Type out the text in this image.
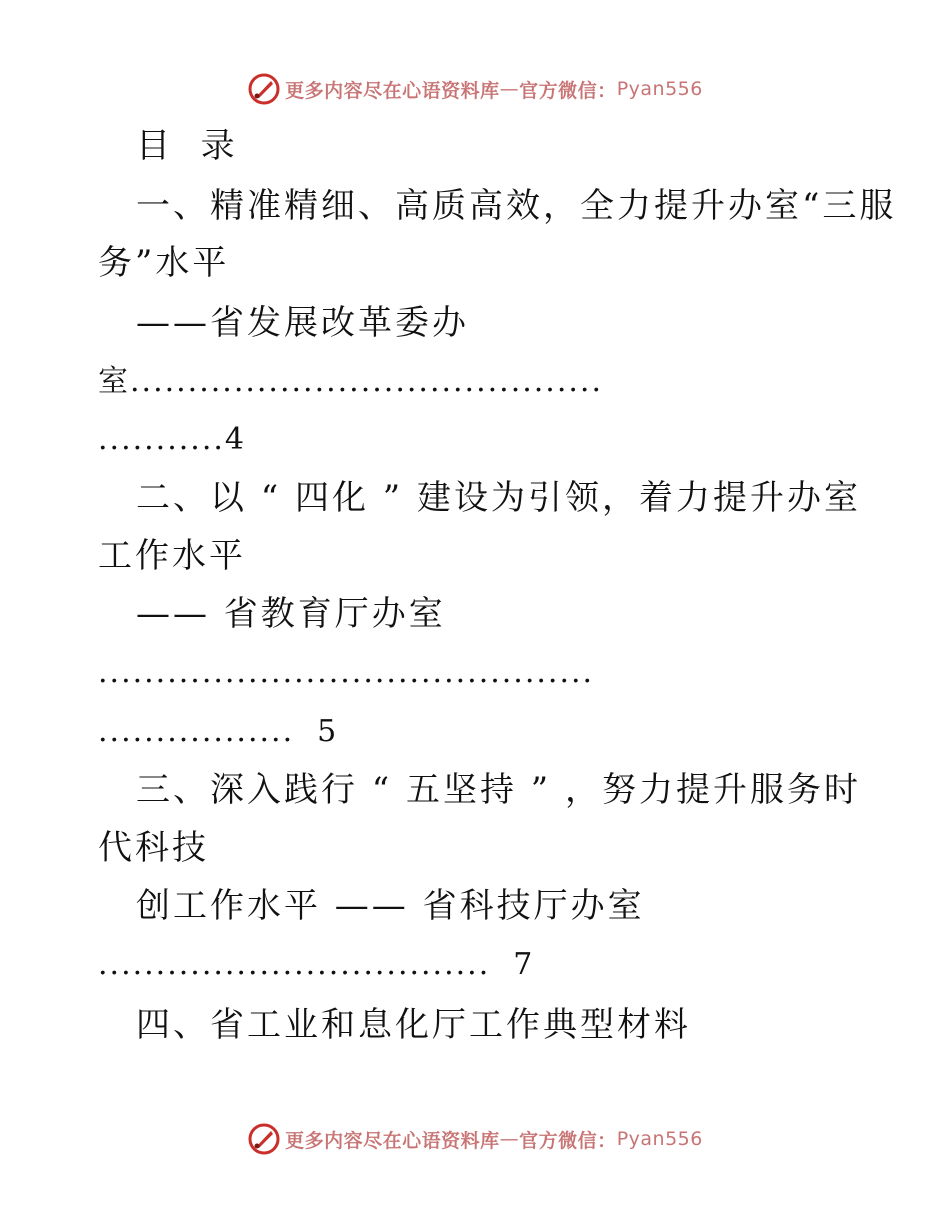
更多内容尽在心语资料库 — 官方微信： Pyan556
目  录
一、精准精细、高质高效，全力提升办室“三服
务”水平
——省发展改革委办
室.........................................
...........4
二、以 “ 四化 ” 建设为引领，着力提升办室
工作水平
—— 省教育厅办室
...........................................
.................  5
三、深入践行 “ 五坚持 ” ，努力提升服务时
代科技
创工作水平 —— 省科技厅办室
..................................  7
四、省工业和息化厅工作典型材料
更多内容尽在心语资料库 — 官方微信： Pyan556
